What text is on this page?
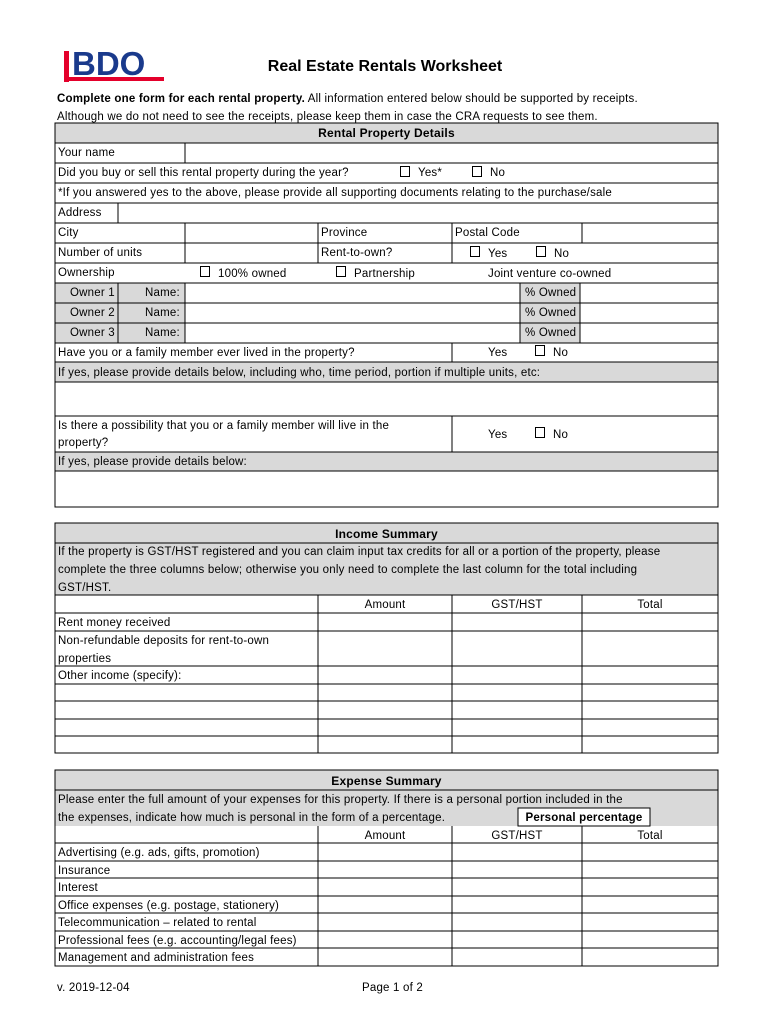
BDO	Real Estate Rentals Worksheet
Complete one form for each rental property. All information entered below should be supported by receipts.
Although we do not need to see the receipts, please keep them in case the CRA requests to see them.
Rental Property Details
Your name
Did you buy or sell this rental property during the year?	Yes*	No
*If you answered yes to the above, please provide all supporting documents relating to the purchase/sale
Address
City	Province	Postal Code
Number of units	Rent-to-own?	Yes	No
Ownership	100% owned	Partnership	Joint venture co-owned
Owner 1	Name:	% Owned
Owner 2	Name:	% Owned
Owner 3	Name:	% Owned
Have you or a family member ever lived in the property?	Yes	No
If yes, please provide details below, including who, time period, portion if multiple units, etc:
Is there a possibility that you or a family member will live in the
property?
Yes	No
If yes, please provide details below:
Income Summary
If the property is GST/HST registered and you can claim input tax credits for all or a portion of the property, please
complete the three columns below; otherwise you only need to complete the last column for the total including
GST/HST.
Amount	GST/HST	Total
Rent money received
Non-refundable deposits for rent-to-own
properties
Other income (specify):
Expense Summary
Please enter the full amount of your expenses for this property. If there is a personal portion included in the
the expenses, indicate how much is personal in the form of a percentage.	Personal percentage
Amount	GST/HST	Total
Advertising (e.g. ads, gifts, promotion)
Insurance
Interest
Office expenses (e.g. postage, stationery)
Telecommunication – related to rental
Professional fees (e.g. accounting/legal fees)
Management and administration fees
v. 2019-12-04	Page 1 of 2
